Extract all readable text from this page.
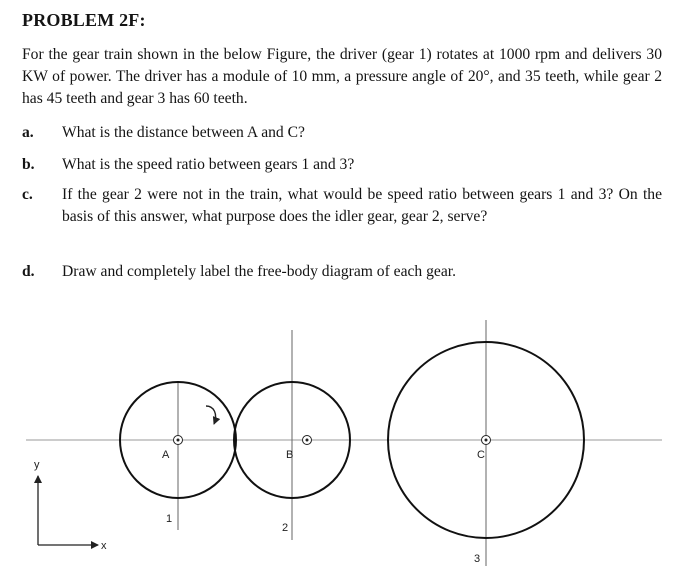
PROBLEM 2F:

For the gear train shown in the below Figure, the driver (gear 1) rotates at 1000 rpm and delivers 30 KW of power. The driver has a module of 10 mm, a pressure angle of 20°, and 35 teeth, while gear 2 has 45 teeth and gear 3 has 60 teeth.

a.	What is the distance between A and C?
b.	What is the speed ratio between gears 1 and 3?
c.	If the gear 2 were not in the train, what would be speed ratio between gears 1 and 3? On the basis of this answer, what purpose does the idler gear, gear 2, serve?
d.	Draw and completely label the free-body diagram of each gear.
A	B	C
1
2
3
y
x
